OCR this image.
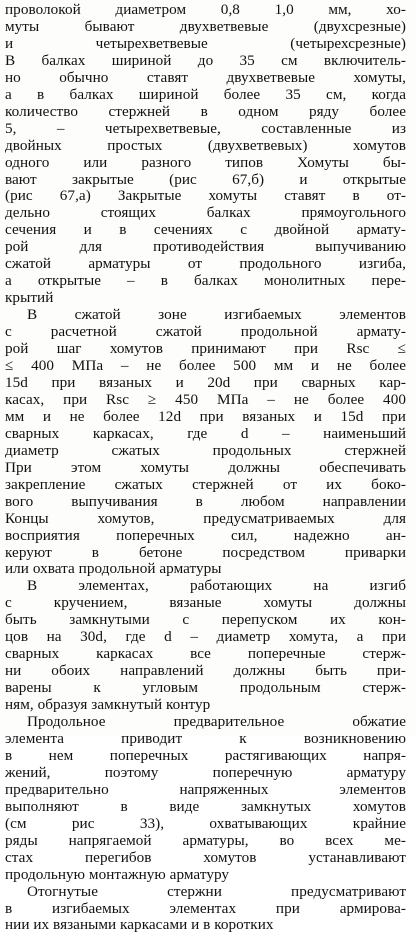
проволокой диаметром 0,8 1,0 мм, хо-
муты бывают двухветвевые (двухсрезные)
и четырехветвевые (четырехсрезные)
В балках шириной до 35 см включитель-
но обычно ставят двухветвевые хомуты,
а в балках шириной более 35 см, когда
количество стержней в одном ряду более
5, – четырехветвевые, составленные из
двойных простых (двухветвевых) хомутов
одного или разного типов Хомуты бы-
вают закрытые (рис 67,б) и открытые
(рис 67,а) Закрытые хомуты ставят в от-
дельно стоящих балках прямоугольного
сечения и в сечениях с двойной армату-
рой для противодействия выпучиванию
сжатой арматуры от продольного изгиба,
а открытые – в балках монолитных пере-
крытий
В сжатой зоне изгибаемых элементов
с расчетной сжатой продольной армату-
рой шаг хомутов принимают при Rsc ≤
≤ 400 МПа – не более 500 мм и не более
15d при вязаных и 20d при сварных кар-
касах, при Rsc ≥ 450 МПа – не более 400
мм и не более 12d при вязаных и 15d при
сварных каркасах, где d – наименьший
диаметр сжатых продольных стержней
При этом хомуты должны обеспечивать
закрепление сжатых стержней от их боко-
вого выпучивания в любом направлении
Концы хомутов, предусматриваемых для
восприятия поперечных сил, надежно ан-
керуют в бетоне посредством приварки
или охвата продольной арматуры
В элементах, работающих на изгиб
с кручением, вязаные хомуты должны
быть замкнутыми с перепуском их кон-
цов на 30d, где d – диаметр хомута, а при
сварных каркасах все поперечные стерж-
ни обоих направлений должны быть при-
варены к угловым продольным стерж-
ням, образуя замкнутый контур
Продольное предварительное обжатие
элемента приводит к возникновению
в нем поперечных растягивающих напря-
жений, поэтому поперечную арматуру
предварительно напряженных элементов
выполняют в виде замкнутых хомутов
(см рис 33), охватывающих крайние
ряды напрягаемой арматуры, во всех ме-
стах перегибов хомутов устанавливают
продольную монтажную арматуру
Отогнутые стержни предусматривают
в изгибаемых элементах при армирова-
нии их вязаными каркасами и в коротких
